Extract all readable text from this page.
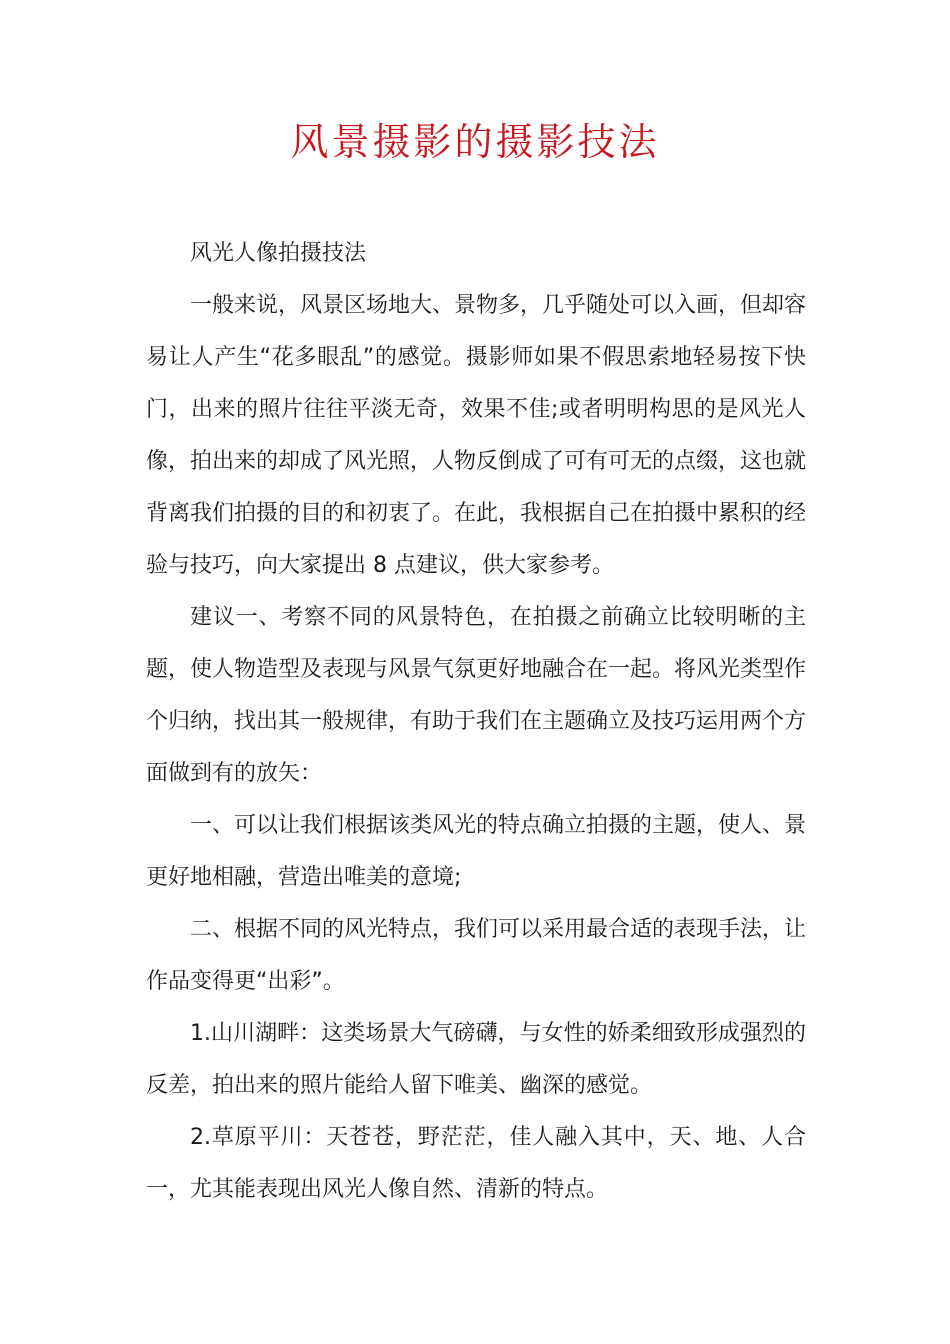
风景摄影的摄影技法

风光人像拍摄技法

一般来说，风景区场地大、景物多，几乎随处可以入画，但却容易让人产生“花多眼乱”的感觉。摄影师如果不假思索地轻易按下快门，出来的照片往往平淡无奇，效果不佳;或者明明构思的是风光人像，拍出来的却成了风光照，人物反倒成了可有可无的点缀，这也就背离我们拍摄的目的和初衷了。在此，我根据自己在拍摄中累积的经验与技巧，向大家提出 8 点建议，供大家参考。

建议一、考察不同的风景特色，在拍摄之前确立比较明晰的主题，使人物造型及表现与风景气氛更好地融合在一起。将风光类型作个归纳，找出其一般规律，有助于我们在主题确立及技巧运用两个方面做到有的放矢：

一、可以让我们根据该类风光的特点确立拍摄的主题，使人、景更好地相融，营造出唯美的意境;

二、根据不同的风光特点，我们可以采用最合适的表现手法，让作品变得更“出彩”。

1.山川湖畔：这类场景大气磅礴，与女性的娇柔细致形成强烈的反差，拍出来的照片能给人留下唯美、幽深的感觉。

2.草原平川：天苍苍，野茫茫，佳人融入其中，天、地、人合一，尤其能表现出风光人像自然、清新的特点。
